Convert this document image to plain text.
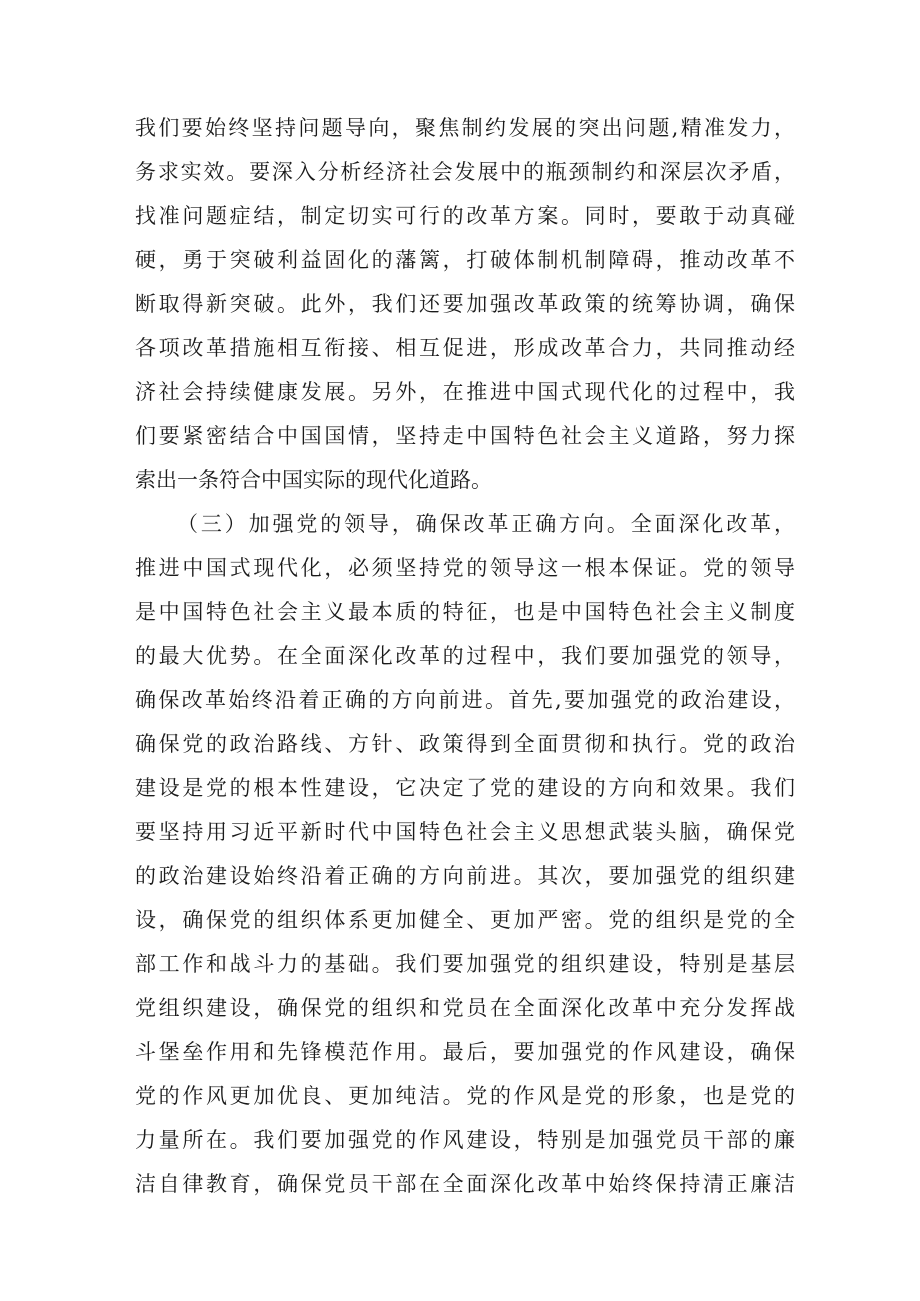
我们要始终坚持问题导向，聚焦制约发展的突出问题,精准发力，
务求实效。要深入分析经济社会发展中的瓶颈制约和深层次矛盾，
找准问题症结，制定切实可行的改革方案。同时，要敢于动真碰
硬，勇于突破利益固化的藩篱，打破体制机制障碍，推动改革不
断取得新突破。此外，我们还要加强改革政策的统筹协调，确保
各项改革措施相互衔接、相互促进，形成改革合力，共同推动经
济社会持续健康发展。另外，在推进中国式现代化的过程中，我
们要紧密结合中国国情，坚持走中国特色社会主义道路，努力探
索出一条符合中国实际的现代化道路。
（三）加强党的领导，确保改革正确方向。全面深化改革，
推进中国式现代化，必须坚持党的领导这一根本保证。党的领导
是中国特色社会主义最本质的特征，也是中国特色社会主义制度
的最大优势。在全面深化改革的过程中，我们要加强党的领导，
确保改革始终沿着正确的方向前进。首先,要加强党的政治建设，
确保党的政治路线、方针、政策得到全面贯彻和执行。党的政治
建设是党的根本性建设，它决定了党的建设的方向和效果。我们
要坚持用习近平新时代中国特色社会主义思想武装头脑，确保党
的政治建设始终沿着正确的方向前进。其次，要加强党的组织建
设，确保党的组织体系更加健全、更加严密。党的组织是党的全
部工作和战斗力的基础。我们要加强党的组织建设，特别是基层
党组织建设，确保党的组织和党员在全面深化改革中充分发挥战
斗堡垒作用和先锋模范作用。最后，要加强党的作风建设，确保
党的作风更加优良、更加纯洁。党的作风是党的形象，也是党的
力量所在。我们要加强党的作风建设，特别是加强党员干部的廉
洁自律教育，确保党员干部在全面深化改革中始终保持清正廉洁
